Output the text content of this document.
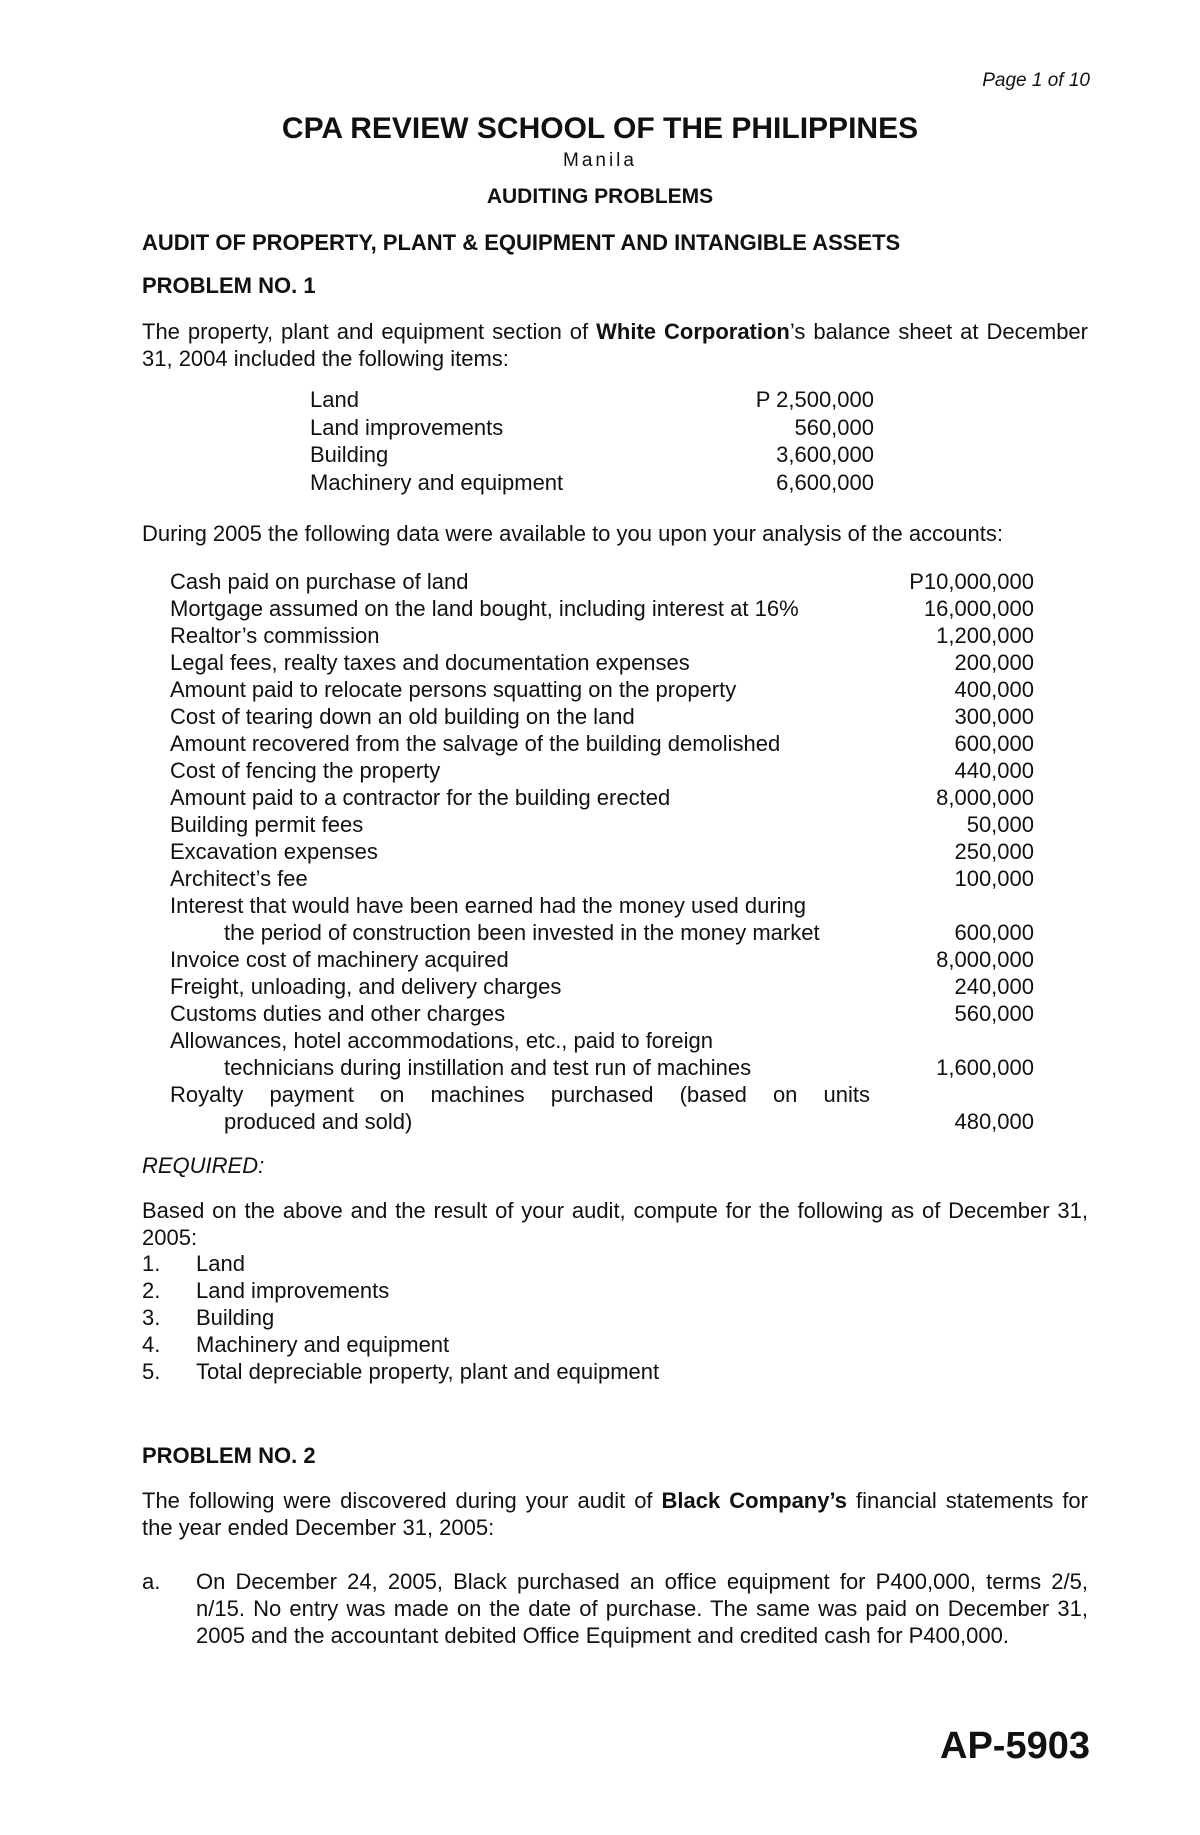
Page 1 of 10
CPA REVIEW SCHOOL OF THE PHILIPPINES
Manila
AUDITING PROBLEMS
AUDIT OF PROPERTY, PLANT & EQUIPMENT AND INTANGIBLE ASSETS
PROBLEM NO. 1
The property, plant and equipment section of White Corporation’s balance sheet at December 31, 2004 included the following items:
Land	P 2,500,000
Land improvements	560,000
Building	3,600,000
Machinery and equipment	6,600,000
During 2005 the following data were available to you upon your analysis of the accounts:
Cash paid on purchase of land	P10,000,000
Mortgage assumed on the land bought, including interest at 16%	16,000,000
Realtor’s commission	1,200,000
Legal fees, realty taxes and documentation expenses	200,000
Amount paid to relocate persons squatting on the property	400,000
Cost of tearing down an old building on the land	300,000
Amount recovered from the salvage of the building demolished	600,000
Cost of fencing the property	440,000
Amount paid to a contractor for the building erected	8,000,000
Building permit fees	50,000
Excavation expenses	250,000
Architect’s fee	100,000
Interest that would have been earned had the money used during
the period of construction been invested in the money market	600,000
Invoice cost of machinery acquired	8,000,000
Freight, unloading, and delivery charges	240,000
Customs duties and other charges	560,000
Allowances, hotel accommodations, etc., paid to foreign
technicians during instillation and test run of machines	1,600,000
Royalty payment on machines purchased (based on units
produced and sold)	480,000
REQUIRED:
Based on the above and the result of your audit, compute for the following as of December 31, 2005:
1.	Land
2.	Land improvements
3.	Building
4.	Machinery and equipment
5.	Total depreciable property, plant and equipment
PROBLEM NO. 2
The following were discovered during your audit of Black Company’s financial statements for the year ended December 31, 2005:
a.	On December 24, 2005, Black purchased an office equipment for P400,000, terms 2/5, n/15. No entry was made on the date of purchase. The same was paid on December 31, 2005 and the accountant debited Office Equipment and credited cash for P400,000.
AP-5903
